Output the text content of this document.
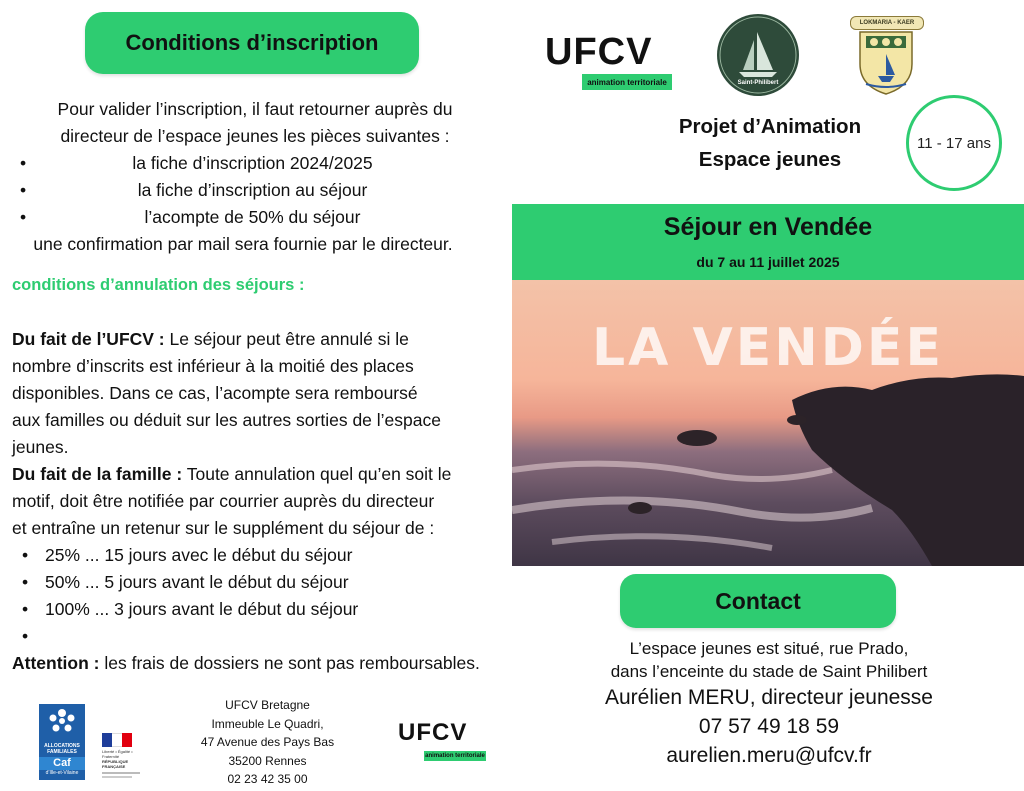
Conditions d’inscription
Pour valider l’inscription, il faut retourner auprès du
directeur de l’espace jeunes les pièces suivantes :
•	la fiche d’inscription 2024/2025
•	la fiche d’inscription au séjour
•	l’acompte de 50% du séjour
une confirmation par mail sera fournie par le directeur.
conditions d’annulation des séjours :
Du fait de l’UFCV : Le séjour peut être annulé si le
nombre d’inscrits est inférieur à la moitié des places
disponibles. Dans ce cas, l’acompte sera remboursé
aux familles ou déduit sur les autres sorties de l’espace
jeunes.
Du fait de la famille : Toute annulation quel qu’en soit le
motif, doit être notifiée par courrier auprès du directeur
et entraîne un retenur sur le supplément du séjour de :
• 25% ... 15 jours avec le début du séjour
• 50% ... 5 jours avant le début du séjour
• 100% ... 3 jours avant le début du séjour
•
Attention : les frais de dossiers ne sont pas remboursables.
ALLOCATIONS
FAMILIALES
Caf
d’Ille-et-Vilaine
Liberté • Égalité • Fraternité
RÉPUBLIQUE FRANÇAISE
UFCV Bretagne
Immeuble Le Quadri,
47 Avenue des Pays Bas
35200 Rennes
02 23 42 35 00
UFCV
animation territoriale
UFCV
animation territoriale	Saint-Philibert
LOKMARIA - KAER
Projet d’Animation
Espace jeunes
11 - 17 ans
Séjour en Vendée
du 7 au 11 juillet 2025
LA VENDÉE
Contact
L’espace jeunes est situé, rue Prado,
dans l’enceinte du stade de Saint Philibert
Aurélien MERU, directeur jeunesse
07 57 49 18 59
aurelien.meru@ufcv.fr
